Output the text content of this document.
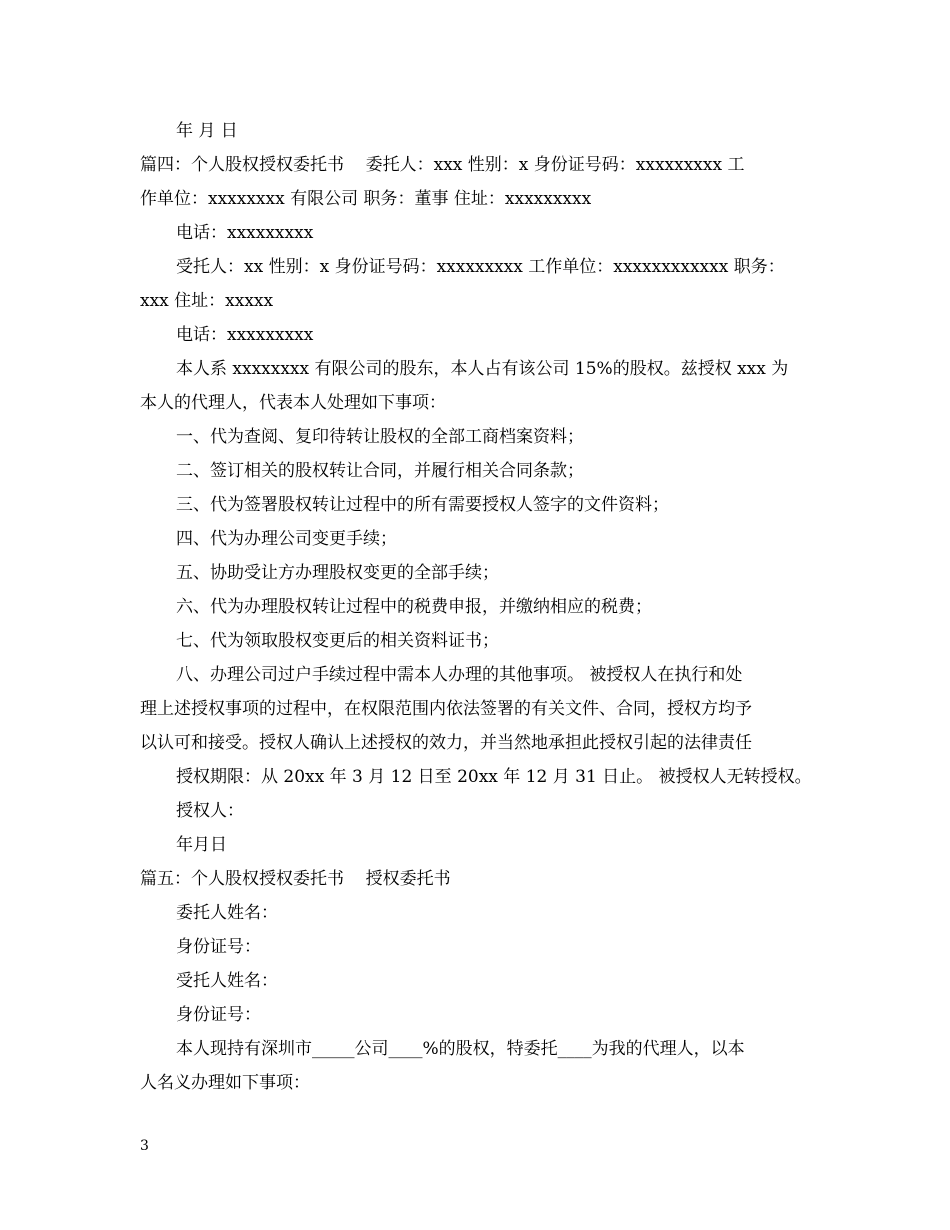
年 月 日
篇四：个人股权授权委托书    委托人：xxx 性别：x 身份证号码：xxxxxxxxx 工
作单位：xxxxxxxx 有限公司 职务：董事 住址：xxxxxxxxx
电话：xxxxxxxxx
受托人：xx 性别：x 身份证号码：xxxxxxxxx 工作单位：xxxxxxxxxxxx 职务：
xxx 住址：xxxxx
电话：xxxxxxxxx
本人系 xxxxxxxx 有限公司的股东，本人占有该公司 15%的股权。兹授权 xxx 为
本人的代理人，代表本人处理如下事项：
一、代为查阅、复印待转让股权的全部工商档案资料；
二、签订相关的股权转让合同，并履行相关合同条款；
三、代为签署股权转让过程中的所有需要授权人签字的文件资料；
四、代为办理公司变更手续；
五、协助受让方办理股权变更的全部手续；
六、代为办理股权转让过程中的税费申报，并缴纳相应的税费；
七、代为领取股权变更后的相关资料证书；
八、办理公司过户手续过程中需本人办理的其他事项。 被授权人在执行和处
理上述授权事项的过程中，在权限范围内依法签署的有关文件、合同，授权方均予
以认可和接受。授权人确认上述授权的效力，并当然地承担此授权引起的法律责任
授权期限：从 20xx 年 3 月 12 日至 20xx 年 12 月 31 日止。 被授权人无转授权。
授权人：
年月日
篇五：个人股权授权委托书    授权委托书
委托人姓名：
身份证号：
受托人姓名：
身份证号：
本人现持有深圳市_____公司____%的股权，特委托____为我的代理人，以本
人名义办理如下事项：
3
